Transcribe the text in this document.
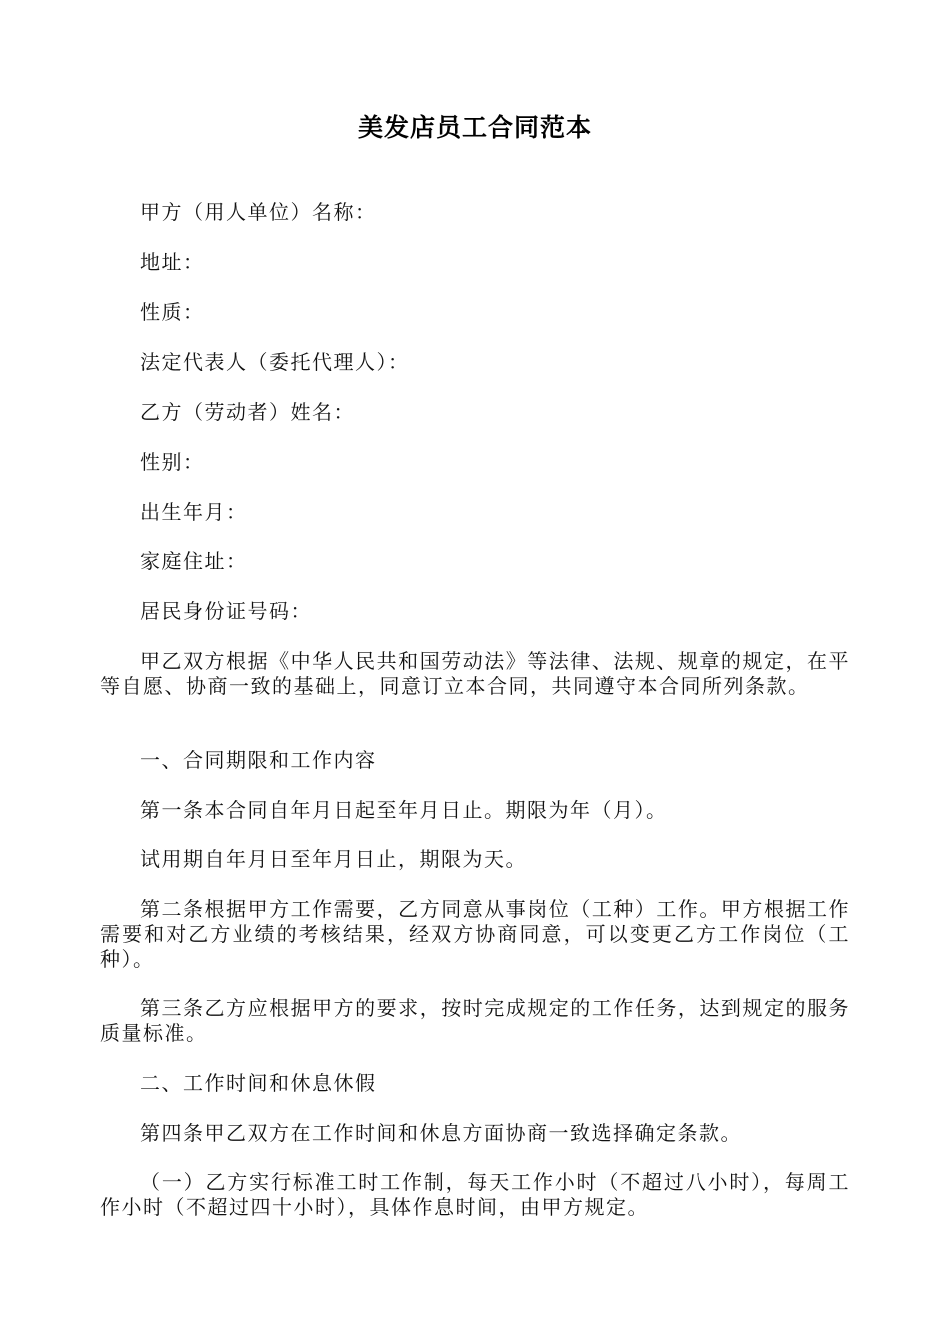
美发店员工合同范本

甲方（用人单位）名称：

地址：

性质：

法定代表人（委托代理人）：

乙方（劳动者）姓名：

性别：

出生年月：

家庭住址：

居民身份证号码：

甲乙双方根据《中华人民共和国劳动法》等法律、法规、规章的规定，在平等自愿、协商一致的基础上，同意订立本合同，共同遵守本合同所列条款。

一、合同期限和工作内容

第一条本合同自年月日起至年月日止。期限为年（月）。

试用期自年月日至年月日止，期限为天。

第二条根据甲方工作需要，乙方同意从事岗位（工种）工作。甲方根据工作需要和对乙方业绩的考核结果，经双方协商同意，可以变更乙方工作岗位（工种）。

第三条乙方应根据甲方的要求，按时完成规定的工作任务，达到规定的服务质量标准。

二、工作时间和休息休假

第四条甲乙双方在工作时间和休息方面协商一致选择确定条款。

（一）乙方实行标准工时工作制，每天工作小时（不超过八小时），每周工作小时（不超过四十小时），具体作息时间，由甲方规定。
